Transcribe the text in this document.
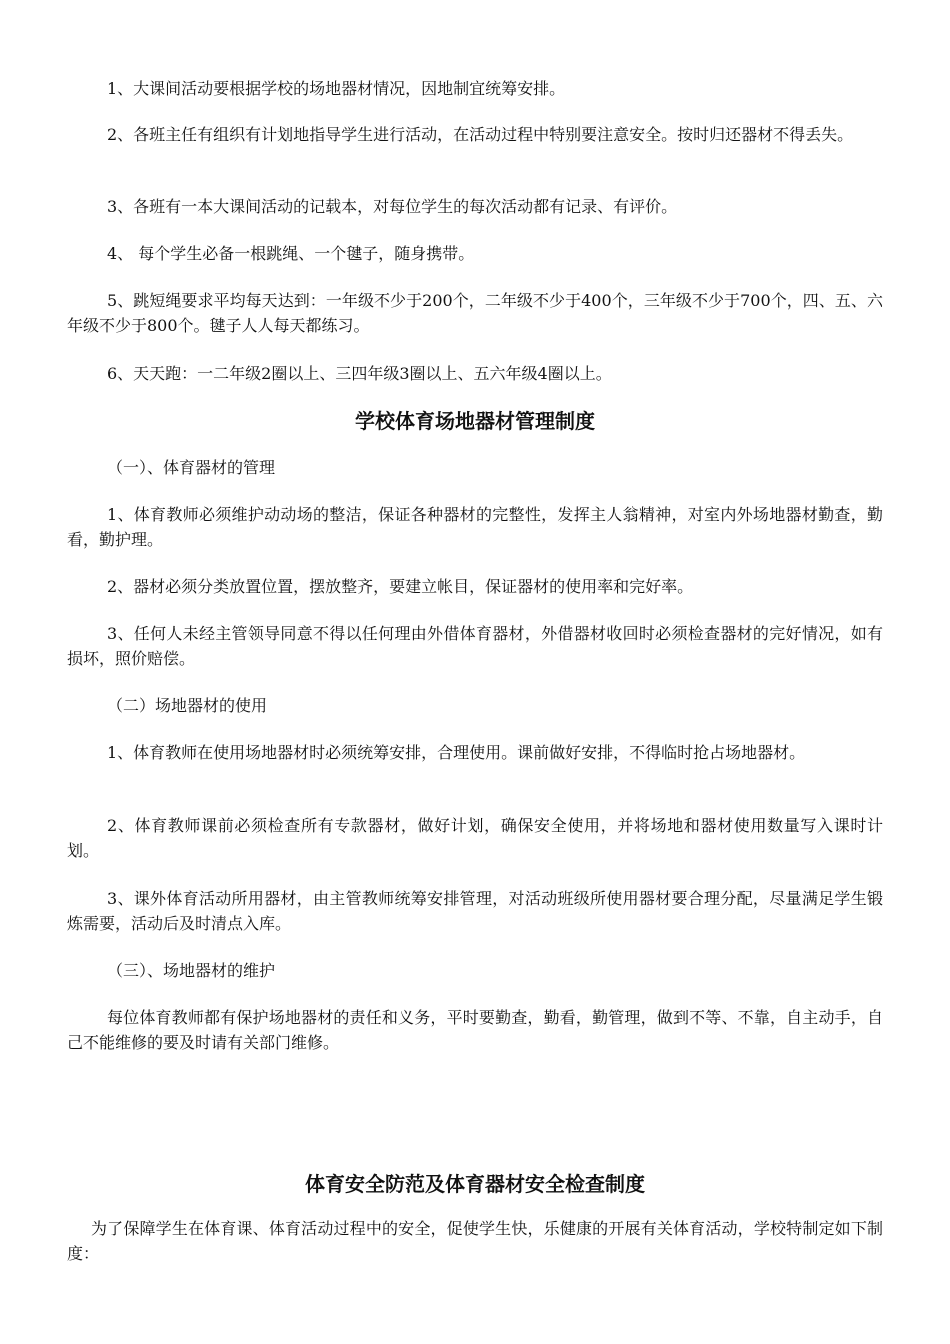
1、大课间活动要根据学校的场地器材情况，因地制宜统筹安排。

2、各班主任有组织有计划地指导学生进行活动，在活动过程中特别要注意安全。按时归还器材不得丢失。

3、各班有一本大课间活动的记载本，对每位学生的每次活动都有记录、有评价。

4、 每个学生必备一根跳绳、一个毽子，随身携带。

5、跳短绳要求平均每天达到：一年级不少于200个，二年级不少于400个，三年级不少于700个，四、五、六年级不少于800个。毽子人人每天都练习。

6、天天跑：一二年级2圈以上、三四年级3圈以上、五六年级4圈以上。

学校体育场地器材管理制度

（一）、体育器材的管理

1、体育教师必须维护动动场的整洁，保证各种器材的完整性，发挥主人翁精神，对室内外场地器材勤查，勤看，勤护理。

2、器材必须分类放置位置，摆放整齐，要建立帐目，保证器材的使用率和完好率。

3、任何人未经主管领导同意不得以任何理由外借体育器材，外借器材收回时必须检查器材的完好情况，如有损坏，照价赔偿。

（二）场地器材的使用

1、体育教师在使用场地器材时必须统筹安排，合理使用。课前做好安排，不得临时抢占场地器材。

2、体育教师课前必须检查所有专款器材，做好计划，确保安全使用，并将场地和器材使用数量写入课时计划。

3、课外体育活动所用器材，由主管教师统筹安排管理，对活动班级所使用器材要合理分配，尽量满足学生锻炼需要，活动后及时清点入库。

（三）、场地器材的维护

每位体育教师都有保护场地器材的责任和义务，平时要勤查，勤看，勤管理，做到不等、不靠，自主动手，自己不能维修的要及时请有关部门维修。

体育安全防范及体育器材安全检查制度

为了保障学生在体育课、体育活动过程中的安全，促使学生快，乐健康的开展有关体育活动，学校特制定如下制度：
